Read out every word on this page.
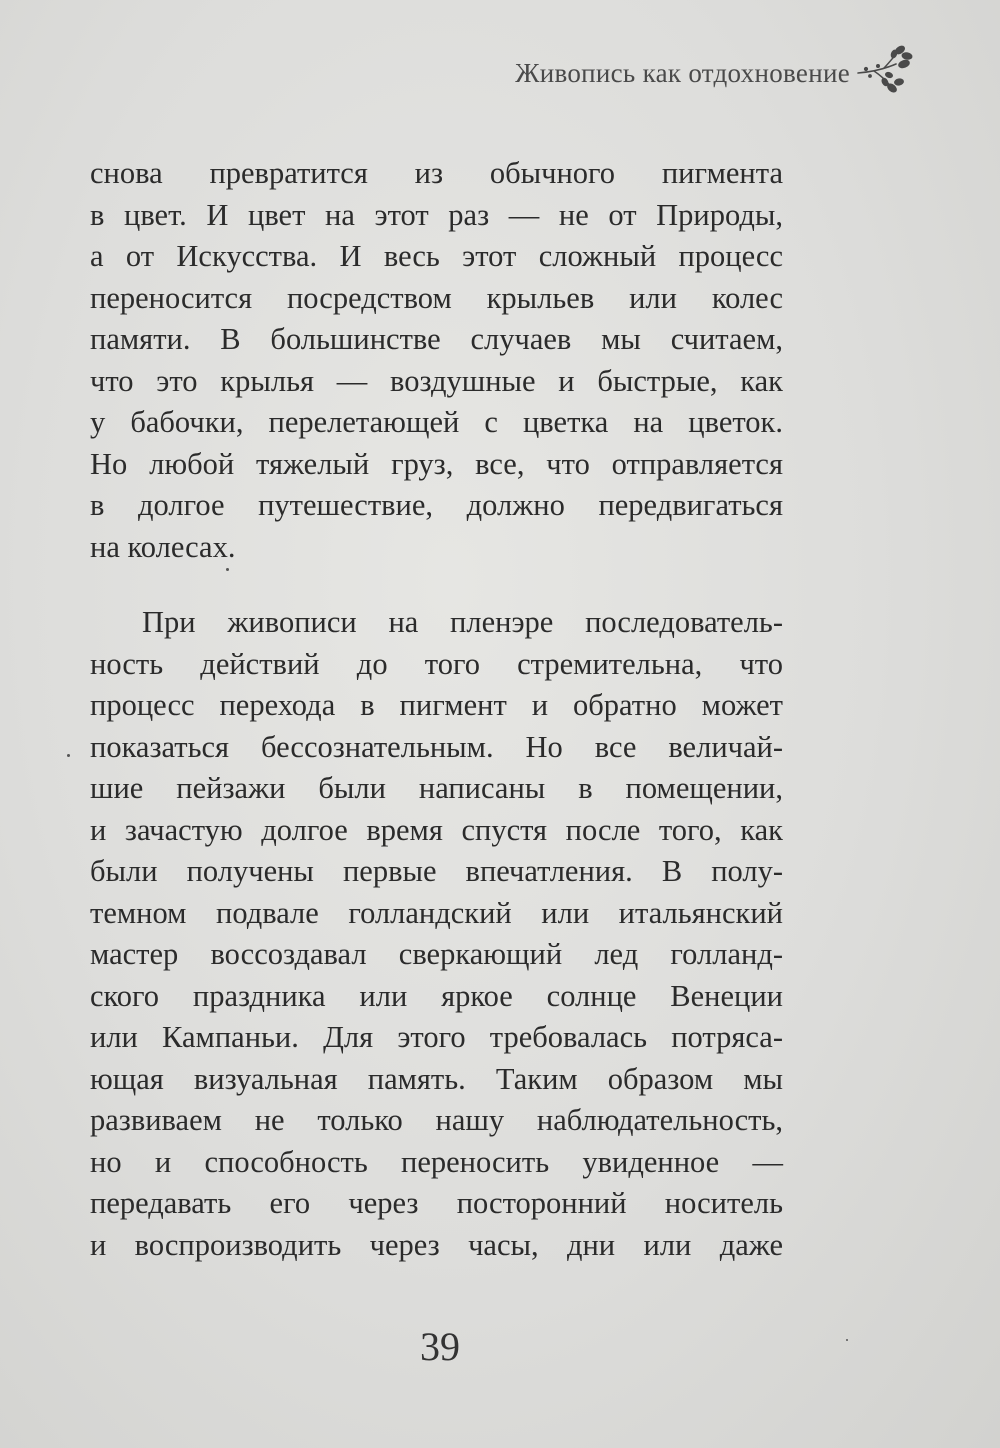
Живопись как отдохновение
снова превратится из обычного пигмента
в цвет. И цвет на этот раз — не от Природы,
а от Искусства. И весь этот сложный процесс
переносится посредством крыльев или колес
памяти. В большинстве случаев мы считаем,
что это крылья — воздушные и быстрые, как
у бабочки, перелетающей с цветка на цветок.
Но любой тяжелый груз, все, что отправляется
в долгое путешествие, должно передвигаться
на колесах.
При живописи на пленэре последователь-
ность действий до того стремительна, что
процесс перехода в пигмент и обратно может
показаться бессознательным. Но все величай-
шие пейзажи были написаны в помещении,
и зачастую долгое время спустя после того, как
были получены первые впечатления. В полу-
темном подвале голландский или итальянский
мастер воссоздавал сверкающий лед голланд-
ского праздника или яркое солнце Венеции
или Кампаньи. Для этого требовалась потряса-
ющая визуальная память. Таким образом мы
развиваем не только нашу наблюдательность,
но и способность переносить увиденное —
передавать его через посторонний носитель
и воспроизводить через часы, дни или даже
39
